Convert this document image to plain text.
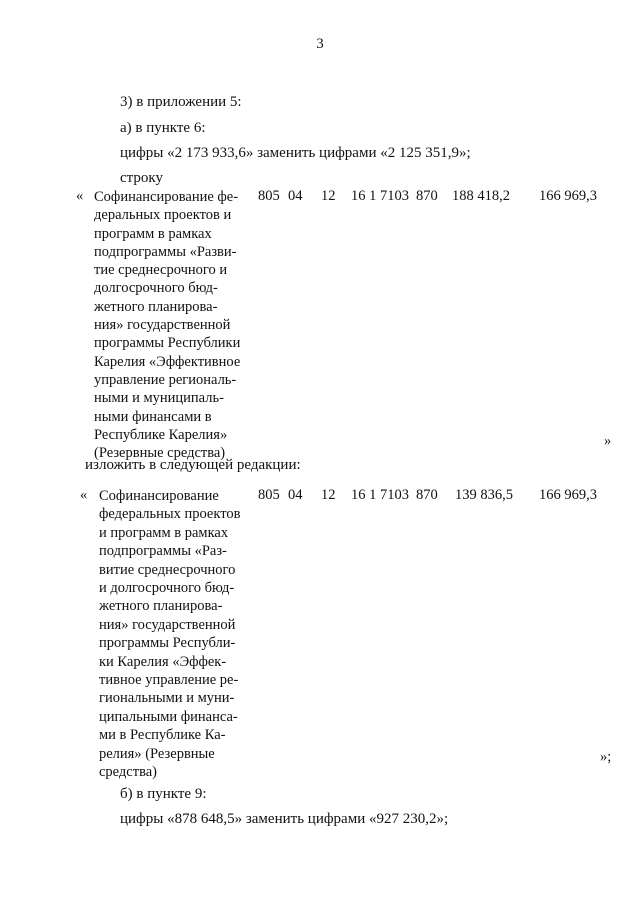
3
3) в приложении 5:
а) в пункте 6:
цифры «2 173 933,6» заменить цифрами «2 125 351,9»;
строку
« Софинансирование фе-
деральных проектов и
программ в рамках
подпрограммы «Разви-
тие среднесрочного и
долгосрочного бюд-
жетного планирова-
ния» государственной
программы Республики
Карелия «Эффективное
управление региональ-
ными и муниципаль-
ными финансами в
Республике Карелия»
(Резервные средства)
805 04 12 16 1 7103 870 188 418,2 166 969,3
»
изложить в следующей редакции:
« Софинансирование
федеральных проектов
и программ в рамках
подпрограммы «Раз-
витие среднесрочного
и долгосрочного бюд-
жетного планирова-
ния» государственной
программы Республи-
ки Карелия «Эффек-
тивное управление ре-
гиональными и муни-
ципальными финанса-
ми в Республике Ка-
релия» (Резервные
средства)
805 04 12 16 1 7103 870 139 836,5 166 969,3
»;
б) в пункте 9:
цифры «878 648,5» заменить цифрами «927 230,2»;
